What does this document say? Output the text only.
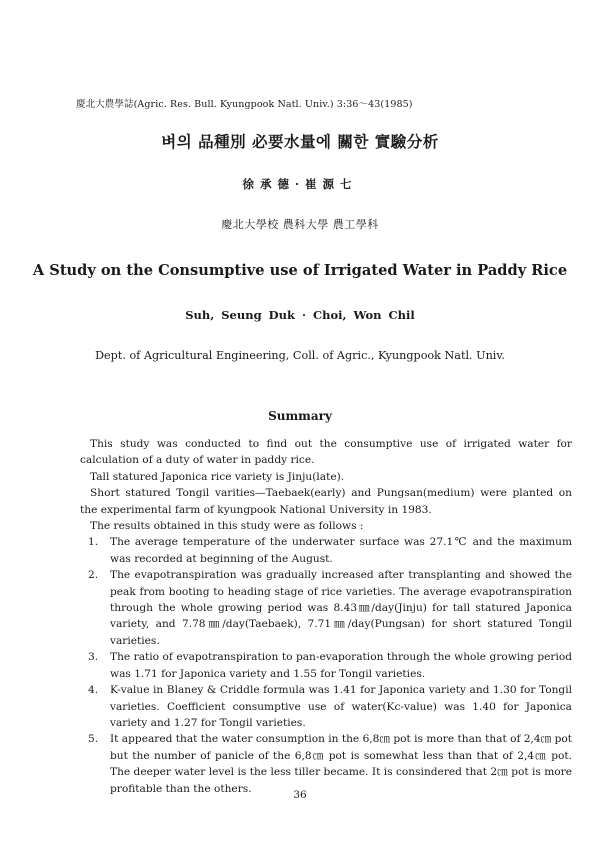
慶北大農學誌(Agric. Res. Bull. Kyungpook Natl. Univ.) 3:36～43(1985)
벼의 品種別 必要水量에 關한 實驗分析
徐承德·崔源七
慶北大學校 農科大學 農工學科
A Study on the Consumptive use of Irrigated Water in Paddy Rice
Suh, Seung Duk · Choi, Won Chil
Dept. of Agricultural Engineering, Coll. of Agric., Kyungpook Natl. Univ.
Summary

This study was conducted to find out the consumptive use of irrigated water for calculation of a duty of water in paddy rice.

Tall statured Japonica rice variety is Jinju(late).

Short statured Tongil varities—Taebaek(early) and Pungsan(medium) were planted on the experimental farm of kyungpook National University in 1983.

The results obtained in this study were as follows :

1. The average temperature of the underwater surface was 27.1℃ and the maximum was recorded at beginning of the August.
2. The evapotranspiration was gradually increased after transplanting and showed the peak from booting to heading stage of rice varieties. The average evapotranspiration through the whole growing period was 8.43㎜/day(Jinju) for tall statured Japonica variety, and 7.78㎜/day(Taebaek), 7.71㎜/day(Pungsan) for short statured Tongil varieties.
3. The ratio of evapotranspiration to pan-evaporation through the whole growing period was 1.71 for Japonica variety and 1.55 for Tongil varieties.
4. K-value in Blaney & Criddle formula was 1.41 for Japonica variety and 1.30 for Tongil varieties. Coefficient consumptive use of water(Kc-value) was 1.40 for Japonica variety and 1.27 for Tongil varieties.
5. It appeared that the water consumption in the 6,8㎝ pot is more than that of 2,4㎝ pot but the number of panicle of the 6,8㎝ pot is somewhat less than that of 2,4㎝ pot. The deeper water level is the less tiller became. It is consindered that 2㎝ pot is more profitable than the others.
36
